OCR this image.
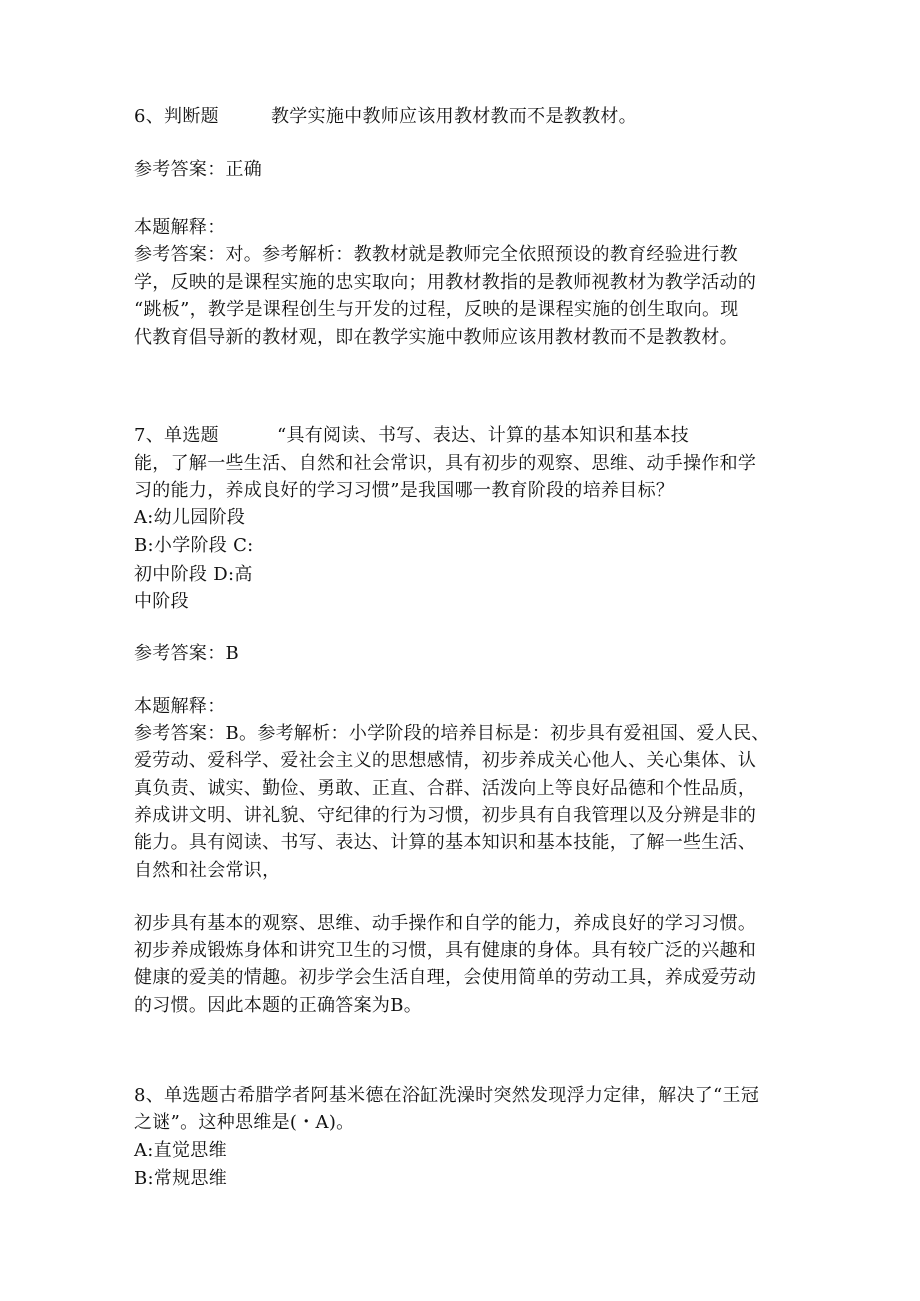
6、判断题	教学实施中教师应该用教材教而不是教教材。
参考答案：正确
本题解释：
参考答案：对。参考解析：教教材就是教师完全依照预设的教育经验进行教
学，反映的是课程实施的忠实取向；用教材教指的是教师视教材为教学活动的
“跳板”，教学是课程创生与开发的过程，反映的是课程实施的创生取向。现
代教育倡导新的教材观，即在教学实施中教师应该用教材教而不是教教材。
7、单选题	“具有阅读、书写、表达、计算的基本知识和基本技
能，了解一些生活、自然和社会常识，具有初步的观察、思维、动手操作和学
习的能力，养成良好的学习习惯”是我国哪一教育阶段的培养目标？
A:幼儿园阶段
B:小学阶段 C:
初中阶段 D:高
中阶段
参考答案：B
本题解释：
参考答案：B。参考解析：小学阶段的培养目标是：初步具有爱祖国、爱人民、
爱劳动、爱科学、爱社会主义的思想感情，初步养成关心他人、关心集体、认
真负责、诚实、勤俭、勇敢、正直、合群、活泼向上等良好品德和个性品质，
养成讲文明、讲礼貌、守纪律的行为习惯，初步具有自我管理以及分辨是非的
能力。具有阅读、书写、表达、计算的基本知识和基本技能，了解一些生活、
自然和社会常识，
初步具有基本的观察、思维、动手操作和自学的能力，养成良好的学习习惯。
初步养成锻炼身体和讲究卫生的习惯，具有健康的身体。具有较广泛的兴趣和
健康的爱美的情趣。初步学会生活自理，会使用简单的劳动工具，养成爱劳动
的习惯。因此本题的正确答案为B。
8、单选题古希腊学者阿基米德在浴缸洗澡时突然发现浮力定律，解决了“王冠
之谜”。这种思维是(・A)。
A:直觉思维
B:常规思维
